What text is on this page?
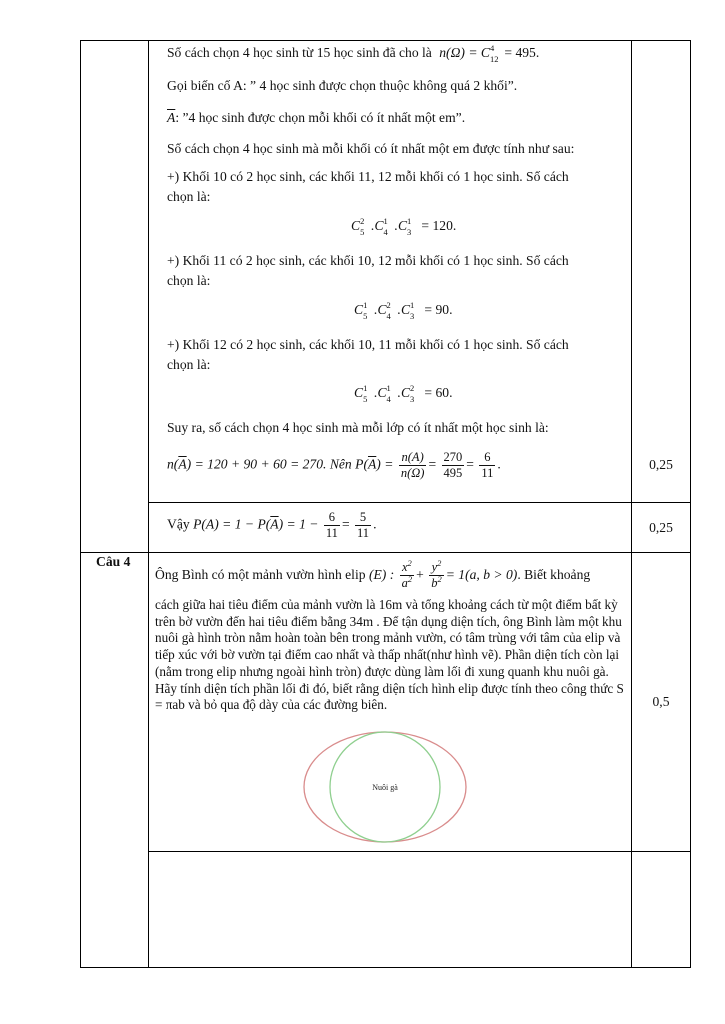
Số cách chọn 4 học sinh từ 15 học sinh đã cho là n(Ω) = C 4
12 = 495.
Gọi biến cố A: ” 4 học sinh được chọn thuộc không quá 2 khối”.
$\overline{A}$: ”4 học sinh được chọn mỗi khối có ít nhất một em”.
Số cách chọn 4 học sinh mà mỗi khối có ít nhất một em được tính như sau:
+) Khối 10 có 2 học sinh, các khối 11, 12 mỗi khối có 1 học sinh. Số cách
chọn là:
C 2
5 .C 1
4 .C 1
3 = 120.
+) Khối 11 có 2 học sinh, các khối 10, 12 mỗi khối có 1 học sinh. Số cách
chọn là:
C 1
5 .C 2
4 .C 1
3 = 90.
+) Khối 12 có 2 học sinh, các khối 10, 11 mỗi khối có 1 học sinh. Số cách
chọn là:
C 1
5 .C 1
4 .C 2
3 = 60.
Suy ra, số cách chọn 4 học sinh mà mỗi lớp có ít nhất một học sinh là:
$n(\overline{A}) = 120 + 90 + 60 = 270$. Nên $P(\overline{A}) = \frac{n(A)}{n(\Omega)} = \frac{270}{495} = \frac{6}{11}$ .	0,25
Vậy $P(A) = 1 - P(\overline{A}) = 1 - \frac{6}{11} = \frac{5}{11}$ .	0,25
Câu 4
Ông Bình có một mảnh vườn hình elip (E) : $\frac{x^2}{a^2} + \frac{y^2}{b^2} = 1(a$, b > 0). Biết khoảng
cách giữa hai tiêu điểm của mảnh vườn là 16m và tổng khoảng cách từ một điểm bất kỳ trên bờ vườn đến hai tiêu điểm bằng 34m . Để tận dụng diện tích, ông Bình làm một khu nuôi gà hình tròn nằm hoàn toàn bên trong mảnh vườn, có tâm trùng với tâm của elip và tiếp xúc với bờ vườn tại điểm cao nhất và thấp nhất(như hình vẽ). Phần diện tích còn lại (nằm trong elip nhưng ngoài hình tròn) được dùng làm lối đi xung quanh khu nuôi gà. Hãy tính diện tích phần lối đi đó, biết rằng diện tích hình elip được tính theo công thức S = πab và bỏ qua độ dày của các đường biên.	0,5
Nuôi gà
